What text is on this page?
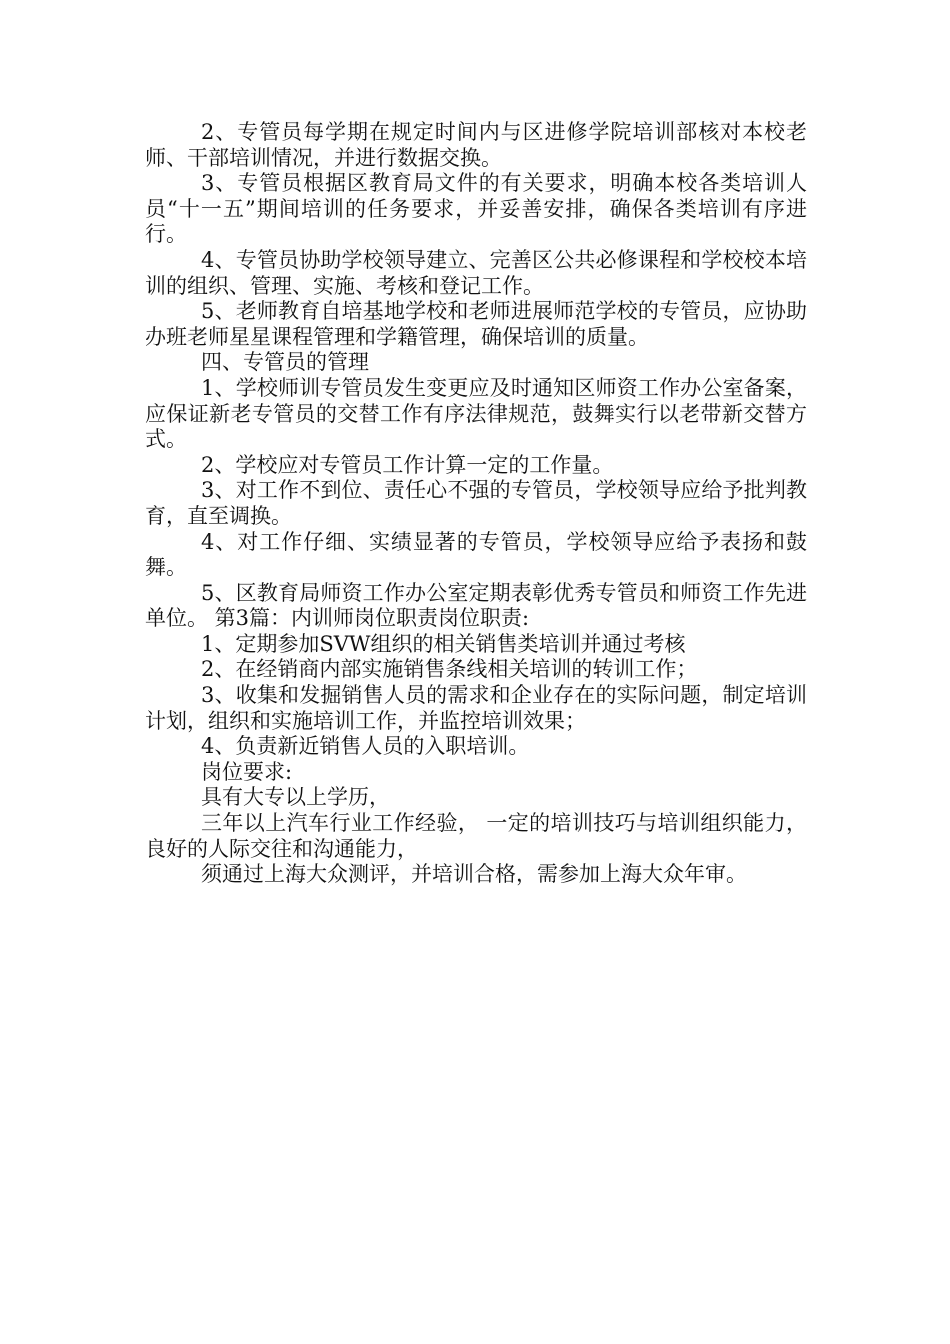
2、专管员每学期在规定时间内与区进修学院培训部核对本校老师、干部培训情况，并进行数据交换。

3、专管员根据区教育局文件的有关要求，明确本校各类培训人员“十一五”期间培训的任务要求，并妥善安排，确保各类培训有序进行。

4、专管员协助学校领导建立、完善区公共必修课程和学校校本培训的组织、管理、实施、考核和登记工作。

5、老师教育自培基地学校和老师进展师范学校的专管员，应协助办班老师星星课程管理和学籍管理，确保培训的质量。

四、专管员的管理

1、学校师训专管员发生变更应及时通知区师资工作办公室备案，应保证新老专管员的交替工作有序法律规范，鼓舞实行以老带新交替方式。

2、学校应对专管员工作计算一定的工作量。

3、对工作不到位、责任心不强的专管员，学校领导应给予批判教育，直至调换。

4、对工作仔细、实绩显著的专管员，学校领导应给予表扬和鼓舞。

5、区教育局师资工作办公室定期表彰优秀专管员和师资工作先进单位。 第3篇：内训师岗位职责岗位职责:

1、定期参加SVW组织的相关销售类培训并通过考核

2、在经销商内部实施销售条线相关培训的转训工作；

3、收集和发掘销售人员的需求和企业存在的实际问题，制定培训计划，组织和实施培训工作，并监控培训效果；

4、负责新近销售人员的入职培训。

岗位要求:

具有大专以上学历，

三年以上汽车行业工作经验， 一定的培训技巧与培训组织能力， 良好的人际交往和沟通能力，

须通过上海大众测评，并培训合格，需参加上海大众年审。
